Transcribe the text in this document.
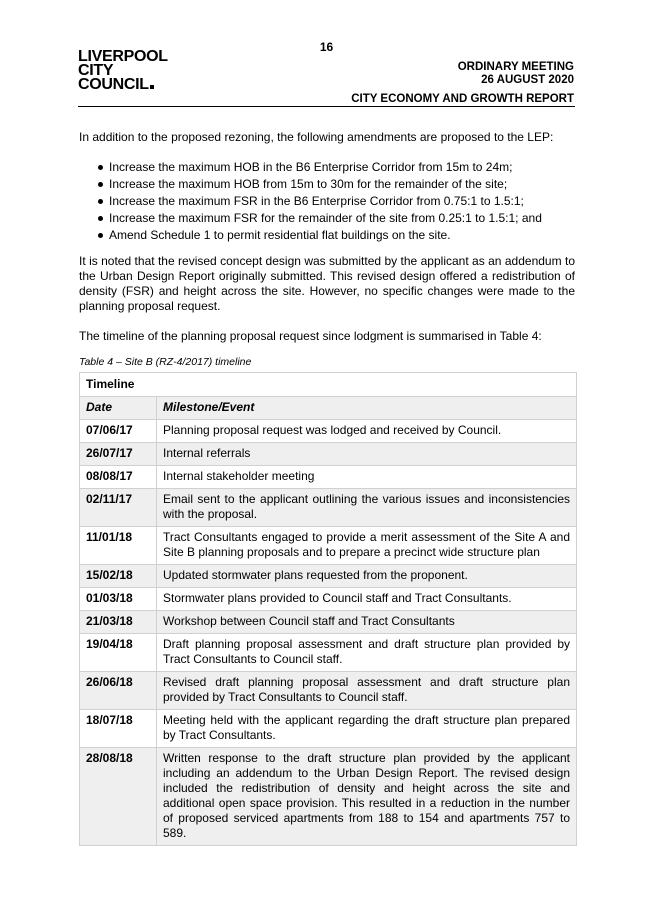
16
LIVERPOOL
CITY
COUNCIL
ORDINARY MEETING
26 AUGUST 2020
CITY ECONOMY AND GROWTH REPORT

In addition to the proposed rezoning, the following amendments are proposed to the LEP:

Increase the maximum HOB in the B6 Enterprise Corridor from 15m to 24m;
Increase the maximum HOB from 15m to 30m for the remainder of the site;
Increase the maximum FSR in the B6 Enterprise Corridor from 0.75:1 to 1.5:1;
Increase the maximum FSR for the remainder of the site from 0.25:1 to 1.5:1; and
Amend Schedule 1 to permit residential flat buildings on the site.

It is noted that the revised concept design was submitted by the applicant as an addendum to the Urban Design Report originally submitted. This revised design offered a redistribution of density (FSR) and height across the site. However, no specific changes were made to the planning proposal request.

The timeline of the planning proposal request since lodgment is summarised in Table 4:

Table 4 – Site B (RZ-4/2017) timeline
Timeline	
Date	Milestone/Event
07/06/17	Planning proposal request was lodged and received by Council.
26/07/17	Internal referrals
08/08/17	Internal stakeholder meeting
02/11/17	Email sent to the applicant outlining the various issues and inconsistencies with the proposal.
11/01/18	Tract Consultants engaged to provide a merit assessment of the Site A and Site B planning proposals and to prepare a precinct wide structure plan
15/02/18	Updated stormwater plans requested from the proponent.
01/03/18	Stormwater plans provided to Council staff and Tract Consultants.
21/03/18	Workshop between Council staff and Tract Consultants
19/04/18	Draft planning proposal assessment and draft structure plan provided by Tract Consultants to Council staff.
26/06/18	Revised draft planning proposal assessment and draft structure plan provided by Tract Consultants to Council staff.
18/07/18	Meeting held with the applicant regarding the draft structure plan prepared by Tract Consultants.
28/08/18	Written response to the draft structure plan provided by the applicant including an addendum to the Urban Design Report. The revised design included the redistribution of density and height across the site and additional open space provision. This resulted in a reduction in the number of proposed serviced apartments from 188 to 154 and apartments 757 to 589.
